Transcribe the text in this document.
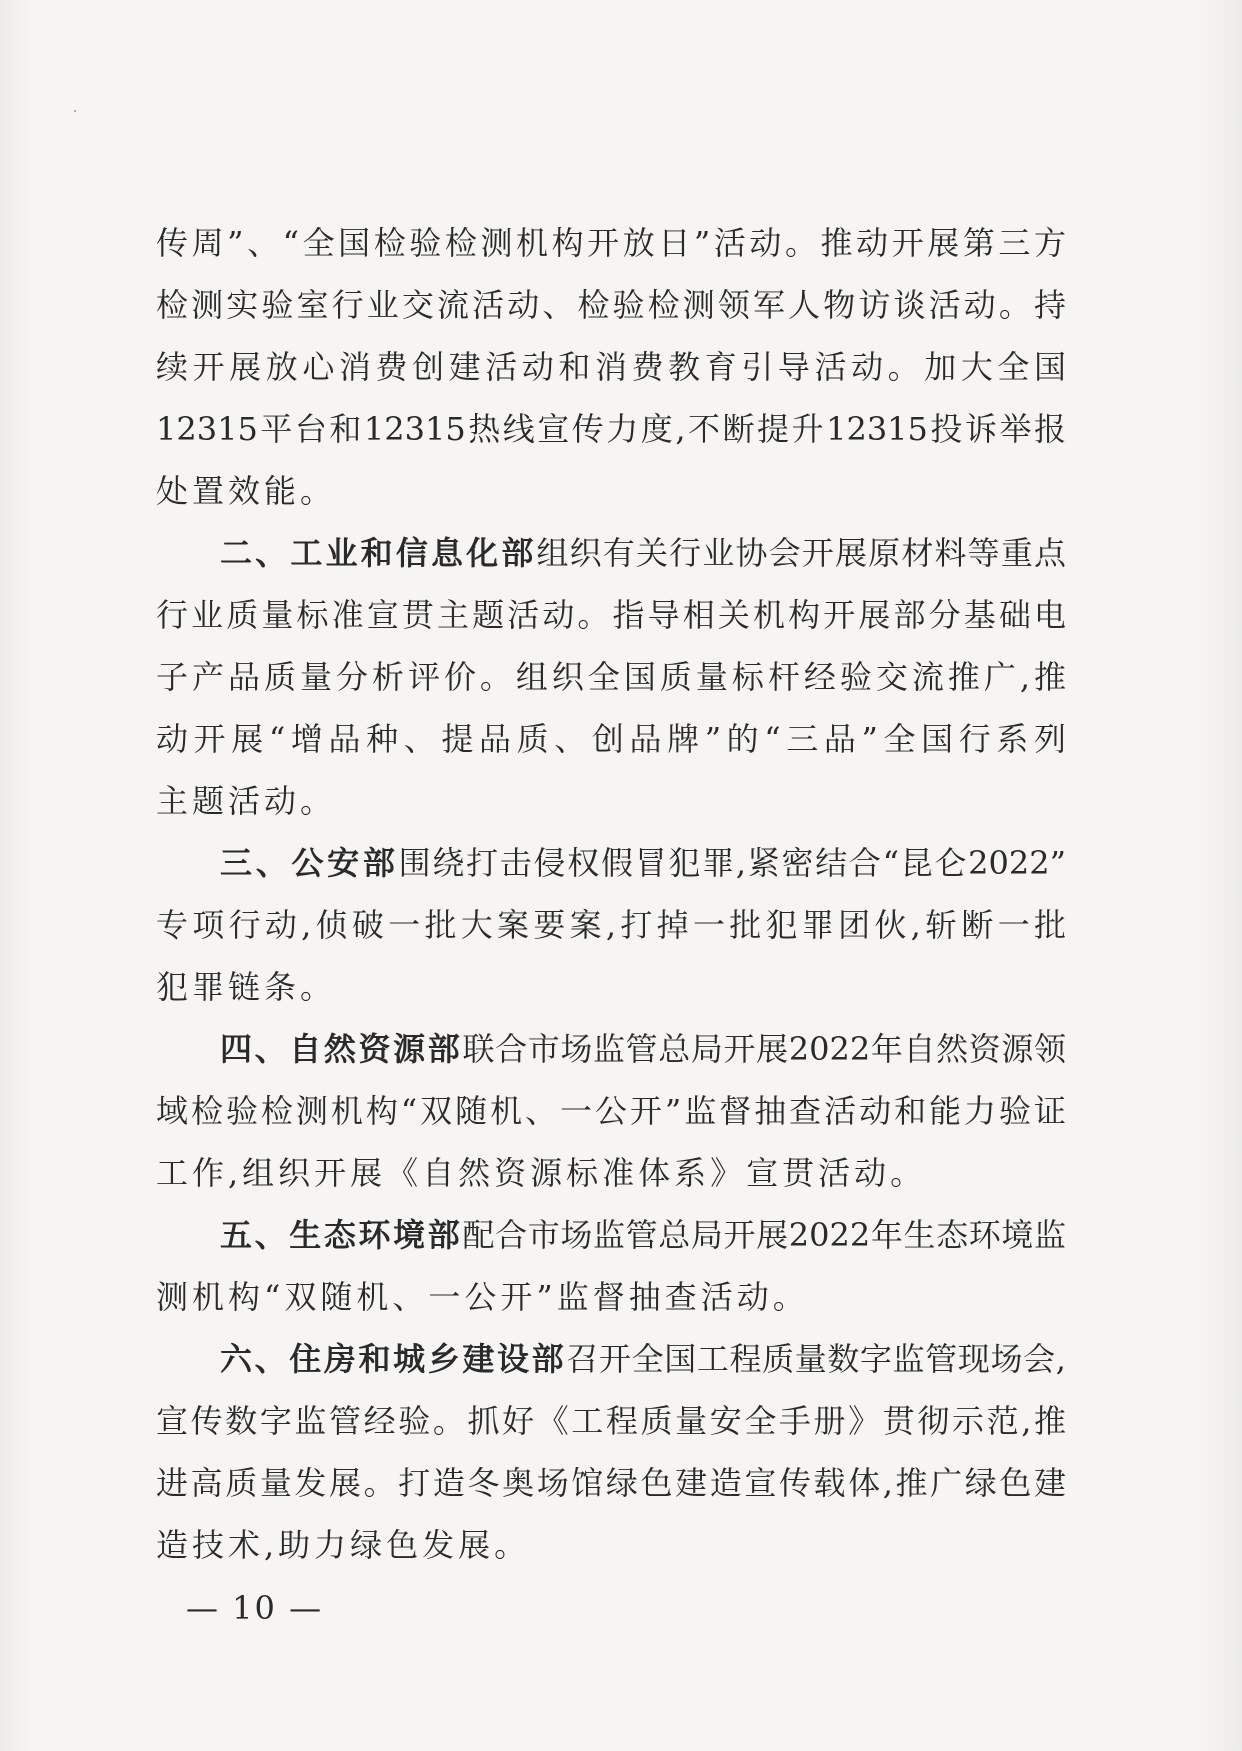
传周”、“全国检验检测机构开放日”活动。推动开展第三方
检测实验室行业交流活动、检验检测领军人物访谈活动。持
续开展放心消费创建活动和消费教育引导活动。加大全国
12315平台和12315热线宣传力度,不断提升12315投诉举报
处置效能。
二、工业和信息化部组织有关行业协会开展原材料等重点
行业质量标准宣贯主题活动。指导相关机构开展部分基础电
子产品质量分析评价。组织全国质量标杆经验交流推广,推
动开展“增品种、提品质、创品牌”的“三品”全国行系列
主题活动。
三、公安部围绕打击侵权假冒犯罪,紧密结合“昆仑2022”
专项行动,侦破一批大案要案,打掉一批犯罪团伙,斩断一批
犯罪链条。
四、自然资源部联合市场监管总局开展2022年自然资源领
域检验检测机构“双随机、一公开”监督抽查活动和能力验证
工作,组织开展《自然资源标准体系》宣贯活动。
五、生态环境部配合市场监管总局开展2022年生态环境监
测机构“双随机、一公开”监督抽查活动。
六、住房和城乡建设部召开全国工程质量数字监管现场会,
宣传数字监管经验。抓好《工程质量安全手册》贯彻示范,推
进高质量发展。打造冬奥场馆绿色建造宣传载体,推广绿色建
造技术,助力绿色发展。
— 10 —
